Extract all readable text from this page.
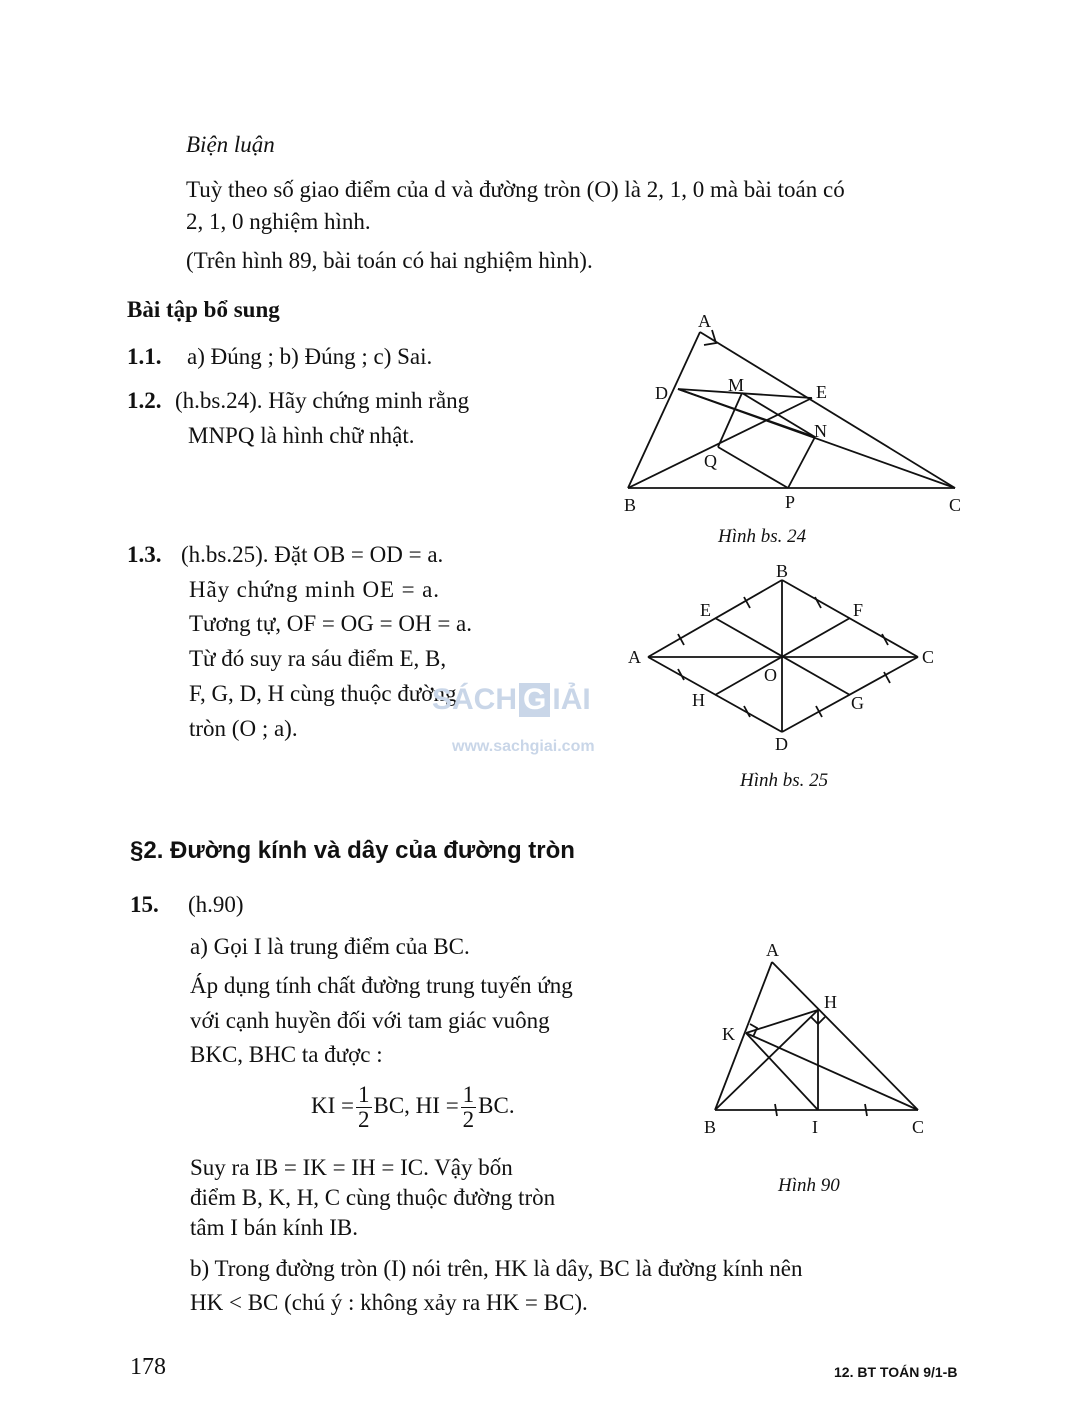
Biện luận
Tuỳ theo số giao điểm của d và đường tròn (O) là 2, 1, 0 mà bài toán có
2, 1, 0 nghiệm hình.
(Trên hình 89, bài toán có hai nghiệm hình).
Bài tập bổ sung
1.1. a) Đúng ; b) Đúng ; c) Sai.
1.2. (h.bs.24). Hãy chứng minh rằng
MNPQ là hình chữ nhật.
1.3. (h.bs.25). Đặt OB = OD = a.
Hãy chứng minh OE = a.
Tương tự, OF = OG = OH = a.
Từ đó suy ra sáu điểm E, B,
F, G, D, H cùng thuộc đường
tròn (O ; a).
A
D	M	E
N
Q
B	P	C
Hình bs. 24
B
E	F
A	C
O
H	G
D
Hình bs. 25
SÁCH G IẢI
www.sachgiai.com
§2. Đường kính và dây của đường tròn
15. (h.90)
a) Gọi I là trung điểm của BC.
Áp dụng tính chất đường trung tuyến ứng
với cạnh huyền đối với tam giác vuông
BKC, BHC ta được :
KI = $\frac{1}{2}$ BC, HI = $\frac{1}{2}$ BC.
Suy ra IB = IK = IH = IC. Vậy bốn
điểm B, K, H, C cùng thuộc đường tròn
tâm I bán kính IB.
b) Trong đường tròn (I) nói trên, HK là dây, BC là đường kính nên
HK < BC (chú ý : không xảy ra HK = BC).
A
H
K
B	I	C
Hình 90
178	12. BT TOÁN 9/1-B
